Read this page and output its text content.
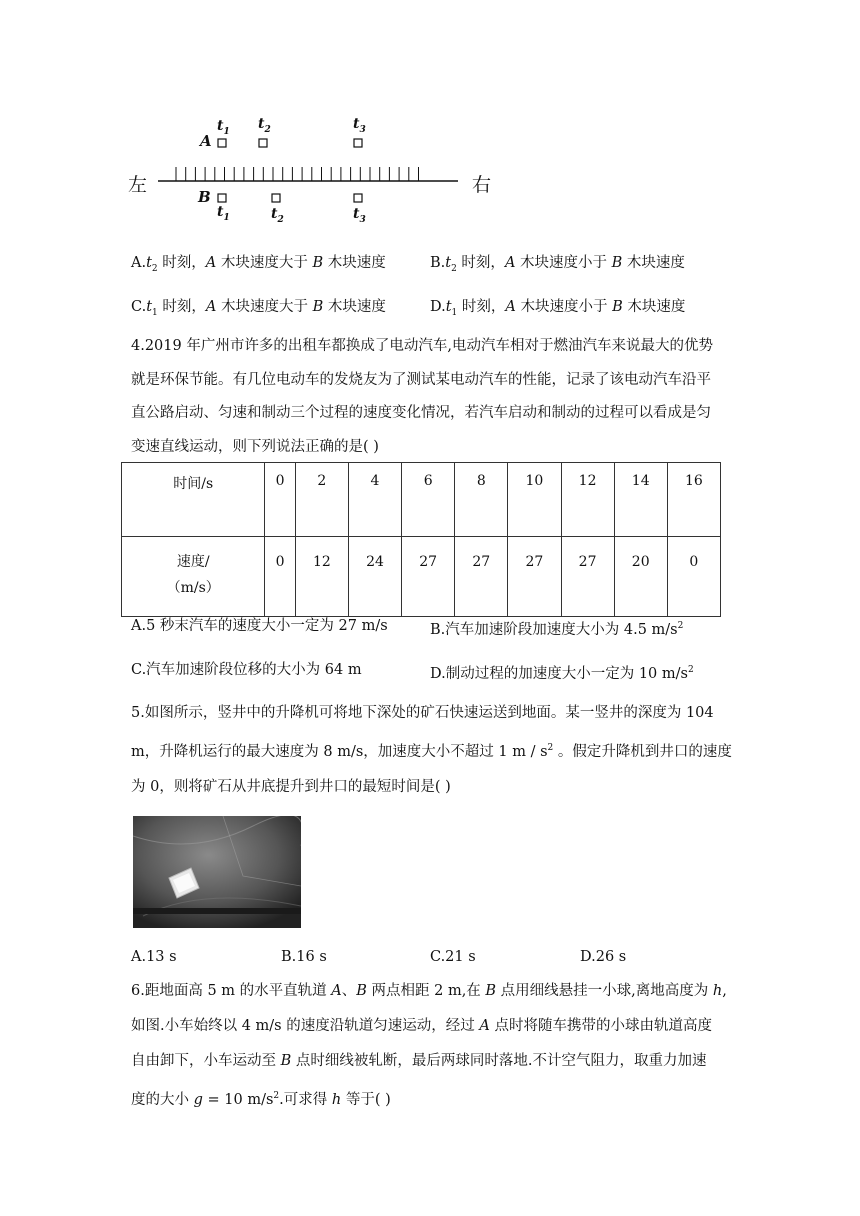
左	右
A
B
$t_1$ $t_2$	$t_3$
$t_1$	$t_2$	$t_3$
$A.t_2$ 时刻，A 木块速度大于 B 木块速度	$B.t_2$ 时刻，A 木块速度小于 B 木块速度
$C.t_1$ 时刻，A 木块速度大于 B 木块速度	$D.t_1$ 时刻，A 木块速度小于 B 木块速度
4.2019 年广州市许多的出租车都换成了电动汽车,电动汽车相对于燃油汽车来说最大的优势
就是环保节能。有几位电动车的发烧友为了测试某电动汽车的性能，记录了该电动汽车沿平
直公路启动、匀速和制动三个过程的速度变化情况，若汽车启动和制动的过程可以看成是匀
变速直线运动，则下列说法正确的是( )
时间/s	0	2	4	6	8	10	12	14	16
速度/
（m/s）	0	12	24	27	27	27	27	20	0
A.5 秒末汽车的速度大小一定为 27 m/s	B.汽车加速阶段加速度大小为 4.5 $m/s^2$
C.汽车加速阶段位移的大小为 64 m	D.制动过程的加速度大小一定为 10 $m/s^2$
5.如图所示，竖井中的升降机可将地下深处的矿石快速运送到地面。某一竖井的深度为 104
m，升降机运行的最大速度为 8 m/s，加速度大小不超过 1 m / $s^2$ 。假定升降机到井口的速度
为 0，则将矿石从井底提升到井口的最短时间是( )
A.13 s	B.16 s	C.21 s	D.26 s
6.距地面高 5 m 的水平直轨道 A、B 两点相距 2 m,在 B 点用细线悬挂一小球,离地高度为 h,
如图.小车始终以 4 m/s 的速度沿轨道匀速运动，经过 A 点时将随车携带的小球由轨道高度
自由卸下，小车运动至 B 点时细线被轧断，最后两球同时落地.不计空气阻力，取重力加速
度的大小 g = 10 $m/s^2$.可求得 h 等于( )
